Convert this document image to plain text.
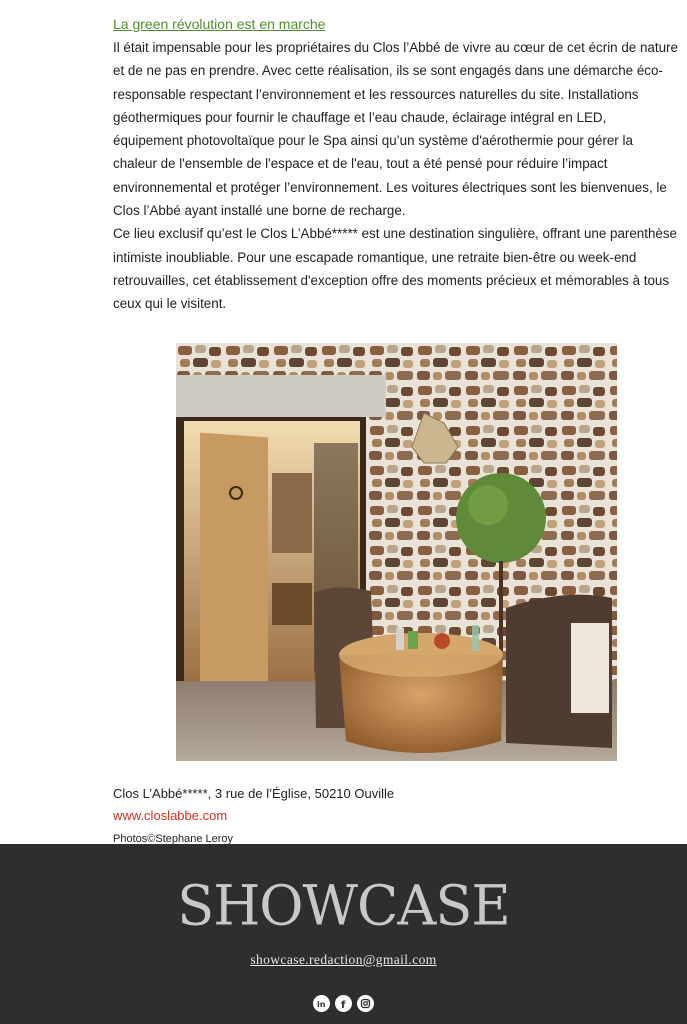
La green révolution est en marche

Il était impensable pour les propriétaires du Clos l’Abbé de vivre au cœur de cet écrin de nature et de ne pas en prendre. Avec cette réalisation, ils se sont engagés dans une démarche éco-responsable respectant l’environnement et les ressources naturelles du site. Installations géothermiques pour fournir le chauffage et l’eau chaude, éclairage intégral en LED, équipement photovoltaïque pour le Spa ainsi qu’un système d'aérothermie pour gérer la chaleur de l'ensemble de l'espace et de l'eau, tout a été pensé pour réduire l’impact environnemental et protéger l’environnement. Les voitures électriques sont les bienvenues, le Clos l’Abbé ayant installé une borne de recharge.

Ce lieu exclusif qu’est le Clos L’Abbé***** est une destination singulière, offrant une parenthèse intimiste inoubliable. Pour une escapade romantique, une retraite bien-être ou week-end retrouvailles, cet établissement d'exception offre des moments précieux et mémorables à tous ceux qui le visitent.

Clos L’Abbé*****, 3 rue de l’Église, 50210 Ouville

www.closlabbe.com

Photos©Stephane Leroy

SHOWCASE
showcase.redaction@gmail.com
in f
